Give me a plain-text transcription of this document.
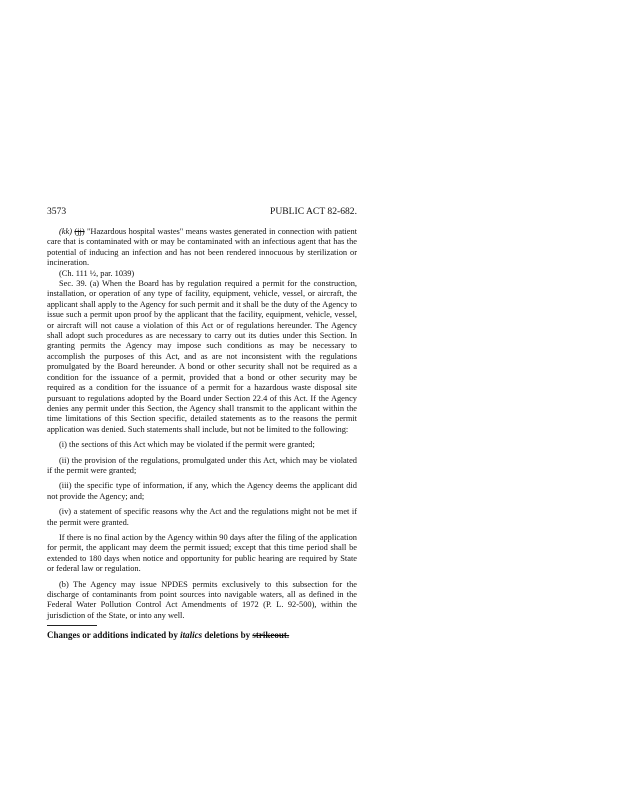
3573	PUBLIC ACT 82-682.

(kk) (jj) "Hazardous hospital wastes" means wastes generated in connection with patient care that is contaminated with or may be contaminated with an infectious agent that has the potential of inducing an infection and has not been rendered innocuous by sterilization or incineration.

(Ch. 111 ½, par. 1039)

Sec. 39. (a) When the Board has by regulation required a permit for the construction, installation, or operation of any type of facility, equipment, vehicle, vessel, or aircraft, the applicant shall apply to the Agency for such permit and it shall be the duty of the Agency to issue such a permit upon proof by the applicant that the facility, equipment, vehicle, vessel, or aircraft will not cause a violation of this Act or of regulations hereunder. The Agency shall adopt such procedures as are necessary to carry out its duties under this Section. In granting permits the Agency may impose such conditions as may be necessary to accomplish the purposes of this Act, and as are not inconsistent with the regulations promulgated by the Board hereunder. A bond or other security shall not be required as a condition for the issuance of a permit, provided that a bond or other security may be required as a condition for the issuance of a permit for a hazardous waste disposal site pursuant to regulations adopted by the Board under Section 22.4 of this Act. If the Agency denies any permit under this Section, the Agency shall transmit to the applicant within the time limitations of this Section specific, detailed statements as to the reasons the permit application was denied. Such statements shall include, but not be limited to the following:

(i) the sections of this Act which may be violated if the permit were granted;

(ii) the provision of the regulations, promulgated under this Act, which may be violated if the permit were granted;

(iii) the specific type of information, if any, which the Agency deems the applicant did not provide the Agency; and;

(iv) a statement of specific reasons why the Act and the regulations might not be met if the permit were granted.

If there is no final action by the Agency within 90 days after the filing of the application for permit, the applicant may deem the permit issued; except that this time period shall be extended to 180 days when notice and opportunity for public hearing are required by State or federal law or regulation.

(b) The Agency may issue NPDES permits exclusively to this subsection for the discharge of contaminants from point sources into navigable waters, all as defined in the Federal Water Pollution Control Act Amendments of 1972 (P. L. 92-500), within the jurisdiction of the State, or into any well.

Changes or additions indicated by italics deletions by strikeout.
